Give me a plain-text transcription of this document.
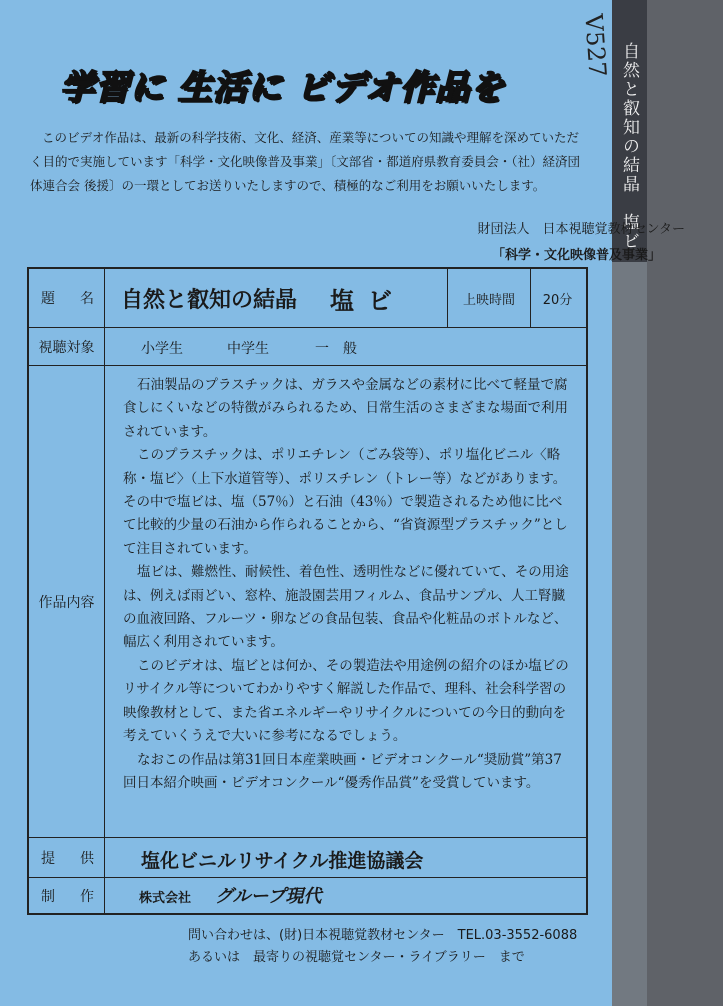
自然と叡知の結晶　塩ビ
V527
学習に 生活に ビデオ作品を
このビデオ作品は、最新の科学技術、文化、経済、産業等についての知識や理解を深めていただく目的で実施しています「科学・文化映像普及事業」〔文部省・都道府県教育委員会・（社）経済団体連合会 後援〕の一環としてお送りいたしますので、積極的なご利用をお願いいたします。
財団法人　日本視聴覚教材センター
「科学・文化映像普及事業」
題 名 自然と叡知の結晶 塩ビ	上映時間	20分
視聴対象	小学生	中学生	一　般
作品内容

石油製品のプラスチックは、ガラスや金属などの素材に比べて軽量で腐食しにくいなどの特徴がみられるため、日常生活のさまざまな場面で利用されています。

このプラスチックは、ポリエチレン（ごみ袋等）、ポリ塩化ビニル〈略称・塩ビ〉（上下水道管等）、ポリスチレン（トレー等）などがあります。その中で塩ビは、塩（57％）と石油（43％）で製造されるため他に比べて比較的少量の石油から作られることから、“省資源型プラスチック”として注目されています。

塩ビは、難燃性、耐候性、着色性、透明性などに優れていて、その用途は、例えば雨どい、窓枠、施設園芸用フィルム、食品サンプル、人工腎臓の血液回路、フルーツ・卵などの食品包装、食品や化粧品のボトルなど、幅広く利用されています。

このビデオは、塩ビとは何か、その製造法や用途例の紹介のほか塩ビのリサイクル等についてわかりやすく解説した作品で、理科、社会科学習の映像教材として、また省エネルギーやリサイクルについての今日的動向を考えていくうえで大いに参考になるでしょう。

なおこの作品は第31回日本産業映画・ビデオコンクール“奨励賞”第37回日本紹介映画・ビデオコンクール“優秀作品賞”を受賞しています。

提 供 塩化ビニルリサイクル推進協議会
制 作	株式会社 グループ現代
問い合わせは、(財)日本視聴覚教材センター　TEL.03-3552-6088
あるいは　最寄りの視聴覚センター・ライブラリー　まで
